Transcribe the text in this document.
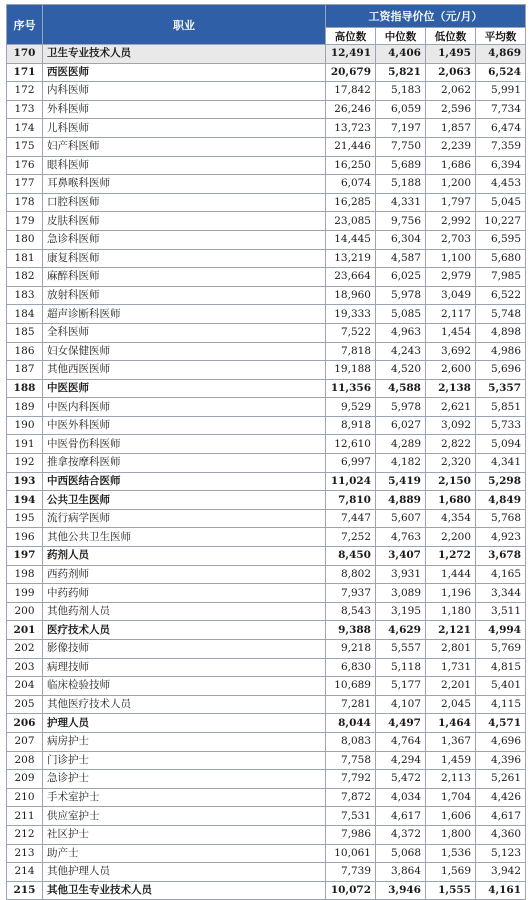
序号	职业	工资指导价位（元/月）			
		高位数	中位数	低位数	平均数
170	卫生专业技术人员	12,491	4,406	1,495	4,869
171	西医医师	20,679	5,821	2,063	6,524
172	内科医师	17,842	5,183	2,062	5,991
173	外科医师	26,246	6,059	2,596	7,734
174	儿科医师	13,723	7,197	1,857	6,474
175	妇产科医师	21,446	7,750	2,239	7,359
176	眼科医师	16,250	5,689	1,686	6,394
177	耳鼻喉科医师	6,074	5,188	1,200	4,453
178	口腔科医师	16,285	4,331	1,797	5,045
179	皮肤科医师	23,085	9,756	2,992	10,227
180	急诊科医师	14,445	6,304	2,703	6,595
181	康复科医师	13,219	4,587	1,100	5,680
182	麻醉科医师	23,664	6,025	2,979	7,985
183	放射科医师	18,960	5,978	3,049	6,522
184	超声诊断科医师	19,333	5,085	2,117	5,748
185	全科医师	7,522	4,963	1,454	4,898
186	妇女保健医师	7,818	4,243	3,692	4,986
187	其他西医医师	19,188	4,520	2,600	5,696
188	中医医师	11,356	4,588	2,138	5,357
189	中医内科医师	9,529	5,978	2,621	5,851
190	中医外科医师	8,918	6,027	3,092	5,733
191	中医骨伤科医师	12,610	4,289	2,822	5,094
192	推拿按摩科医师	6,997	4,182	2,320	4,341
193	中西医结合医师	11,024	5,419	2,150	5,298
194	公共卫生医师	7,810	4,889	1,680	4,849
195	流行病学医师	7,447	5,607	4,354	5,768
196	其他公共卫生医师	7,252	4,763	2,200	4,923
197	药剂人员	8,450	3,407	1,272	3,678
198	西药剂师	8,802	3,931	1,444	4,165
199	中药药师	7,937	3,089	1,196	3,344
200	其他药剂人员	8,543	3,195	1,180	3,511
201	医疗技术人员	9,388	4,629	2,121	4,994
202	影像技师	9,218	5,557	2,801	5,769
203	病理技师	6,830	5,118	1,731	4,815
204	临床检验技师	10,689	5,177	2,201	5,401
205	其他医疗技术人员	7,281	4,107	2,045	4,115
206	护理人员	8,044	4,497	1,464	4,571
207	病房护士	8,083	4,764	1,367	4,696
208	门诊护士	7,758	4,294	1,459	4,396
209	急诊护士	7,792	5,472	2,113	5,261
210	手术室护士	7,872	4,034	1,704	4,426
211	供应室护士	7,531	4,617	1,606	4,617
212	社区护士	7,986	4,372	1,800	4,360
213	助产士	10,061	5,068	1,536	5,123
214	其他护理人员	7,739	3,864	1,569	3,942
215	其他卫生专业技术人员	10,072	3,946	1,555	4,161
